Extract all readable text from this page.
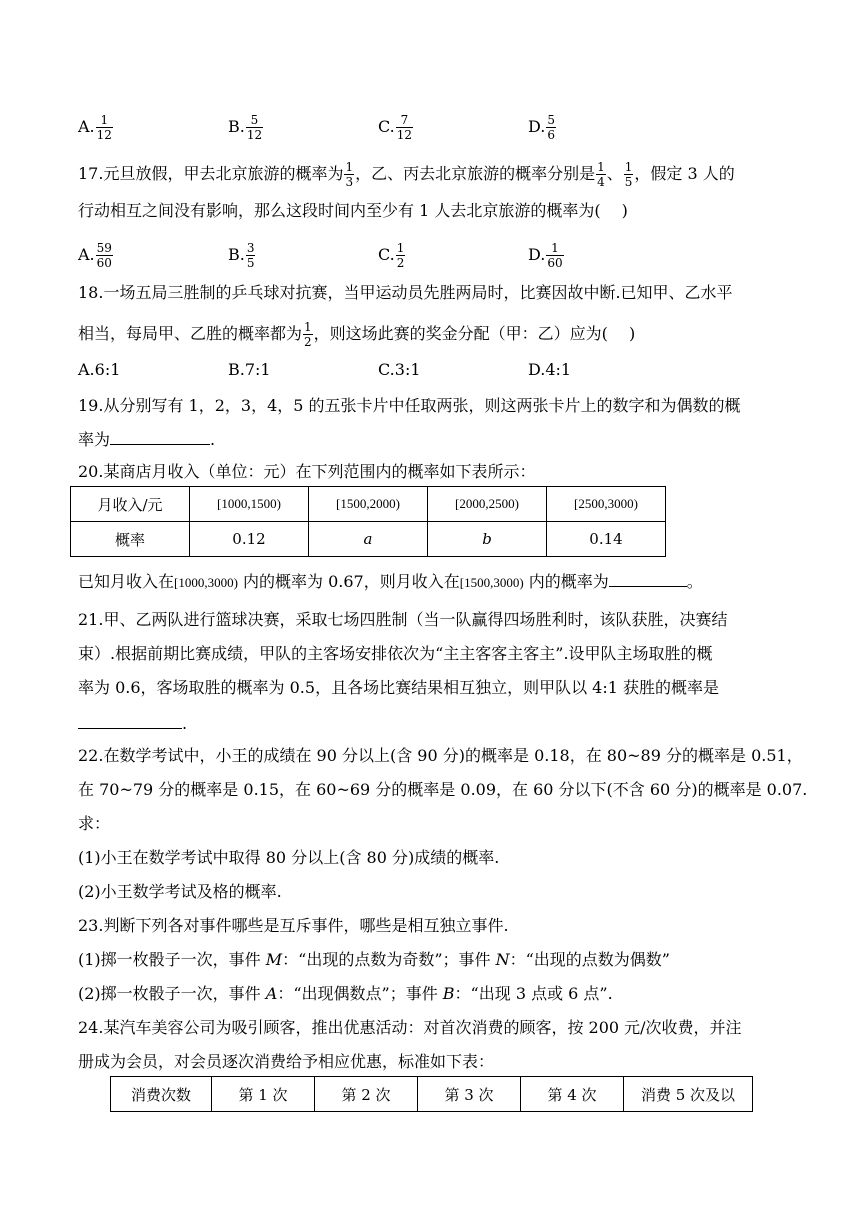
A. $\frac{1}{12}$	B. $\frac{5}{12}$	C. $\frac{7}{12}$	D. $\frac{5}{6}$
17.元旦放假，甲去北京旅游的概率为 $\frac{1}{3}$ ，乙、丙去北京旅游的概率分别是 $\frac{1}{4}$ 、 $\frac{1}{5}$ ，假定 3 人的
行动相互之间没有影响，那么这段时间内至少有 1 人去北京旅游的概率为(　 )
A. $\frac{59}{60}$	B. $\frac{3}{5}$	C. $\frac{1}{2}$	D. $\frac{1}{60}$
18.一场五局三胜制的乒乓球对抗赛，当甲运动员先胜两局时，比赛因故中断.已知甲、乙水平
相当，每局甲、乙胜的概率都为 $\frac{1}{2}$ ，则这场此赛的奖金分配（甲：乙）应为(　 )
A.6:1	B.7:1	C.3:1	D.4:1
19.从分别写有 1，2，3，4，5 的五张卡片中任取两张，则这两张卡片上的数字和为偶数的概
率为	.
20.某商店月收入（单位：元）在下列范围内的概率如下表所示：
月收入/元	[1000,1500)	[1500,2000)	[2000,2500)	[2500,3000)
概率	0.12	a	b	0.14
已知月收入在[1000,3000) 内的概率为 0.67，则月收入在[1500,3000) 内的概率为	。
21.甲、乙两队进行篮球决赛，采取七场四胜制（当一队赢得四场胜利时，该队获胜，决赛结
束）.根据前期比赛成绩，甲队的主客场安排依次为“主主客客主客主”.设甲队主场取胜的概
率为 0.6，客场取胜的概率为 0.5，且各场比赛结果相互独立，则甲队以 4:1 获胜的概率是
.
22.在数学考试中，小王的成绩在 90 分以上(含 90 分)的概率是 0.18，在 80~89 分的概率是 0.51，
在 70~79 分的概率是 0.15，在 60~69 分的概率是 0.09，在 60 分以下(不含 60 分)的概率是 0.07.
求：
(1)小王在数学考试中取得 80 分以上(含 80 分)成绩的概率.
(2)小王数学考试及格的概率.
23.判断下列各对事件哪些是互斥事件，哪些是相互独立事件.
(1)掷一枚骰子一次，事件 M：“出现的点数为奇数”；事件 N：“出现的点数为偶数”
(2)掷一枚骰子一次，事件 A：“出现偶数点”；事件 B：“出现 3 点或 6 点”.
24.某汽车美容公司为吸引顾客，推出优惠活动：对首次消费的顾客，按 200 元/次收费，并注
册成为会员，对会员逐次消费给予相应优惠，标准如下表：
消费次数	第 1 次	第 2 次	第 3 次	第 4 次	消费 5 次及以
